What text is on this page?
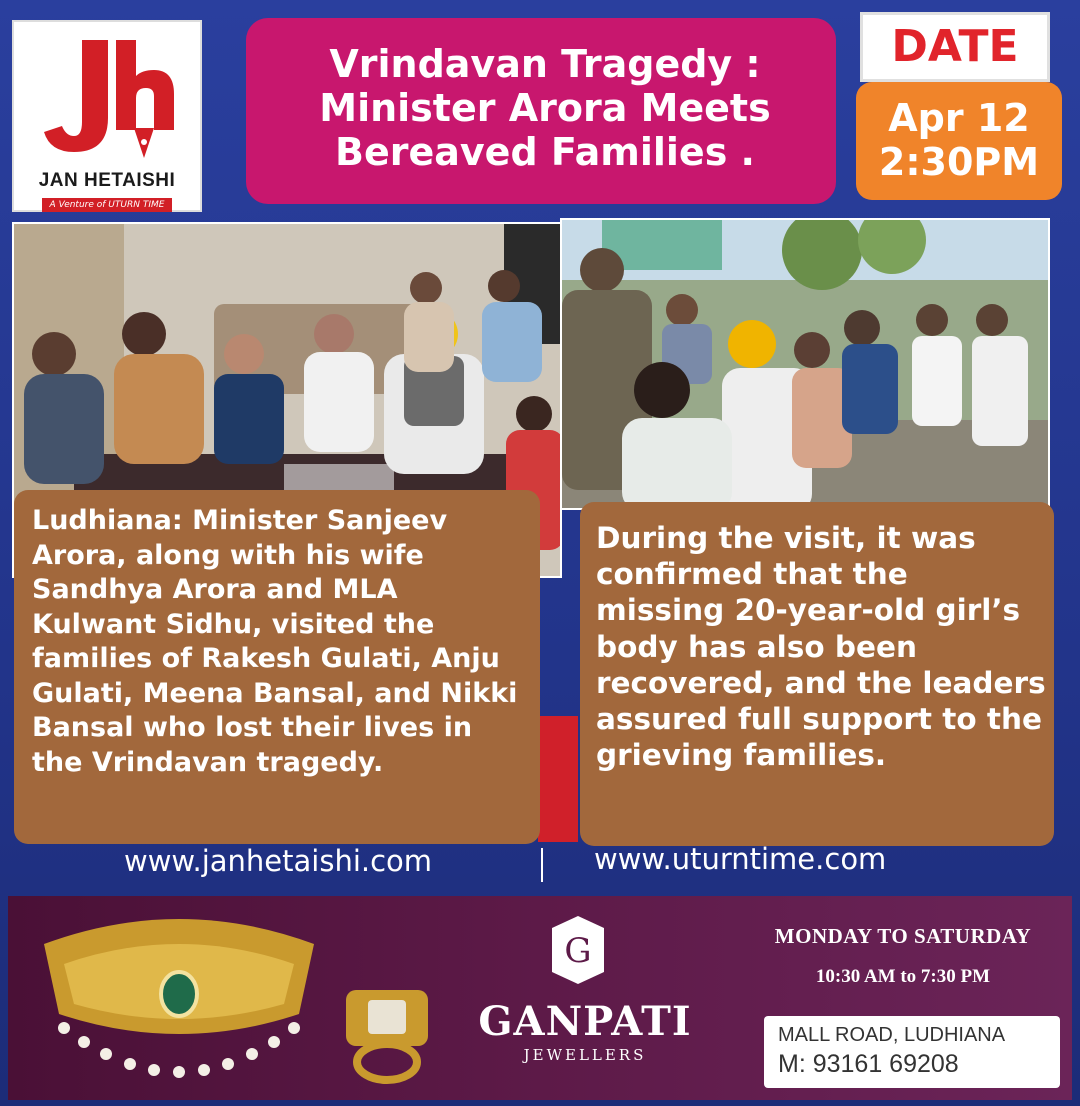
JAN HETAISHI
A Venture of UTURN TIME
Vrindavan Tragedy :
Minister Arora Meets
Bereaved Families .
DATE
Apr 12
2:30PM

Ludhiana: Minister Sanjeev Arora, along with his wife Sandhya Arora and MLA Kulwant Sidhu, visited the families of Rakesh Gulati, Anju Gulati, Meena Bansal, and Nikki Bansal who lost their lives in the Vrindavan tragedy.

During the visit, it was confirmed that the missing 20-year-old girl’s body has also been recovered, and the leaders assured full support to the grieving families.

www.janhetaishi.com	www.uturntime.com
G
GANPATI
JEWELLERS
MONDAY TO SATURDAY
10:30 AM to 7:30 PM
MALL ROAD, LUDHIANA
M: 93161 69208
